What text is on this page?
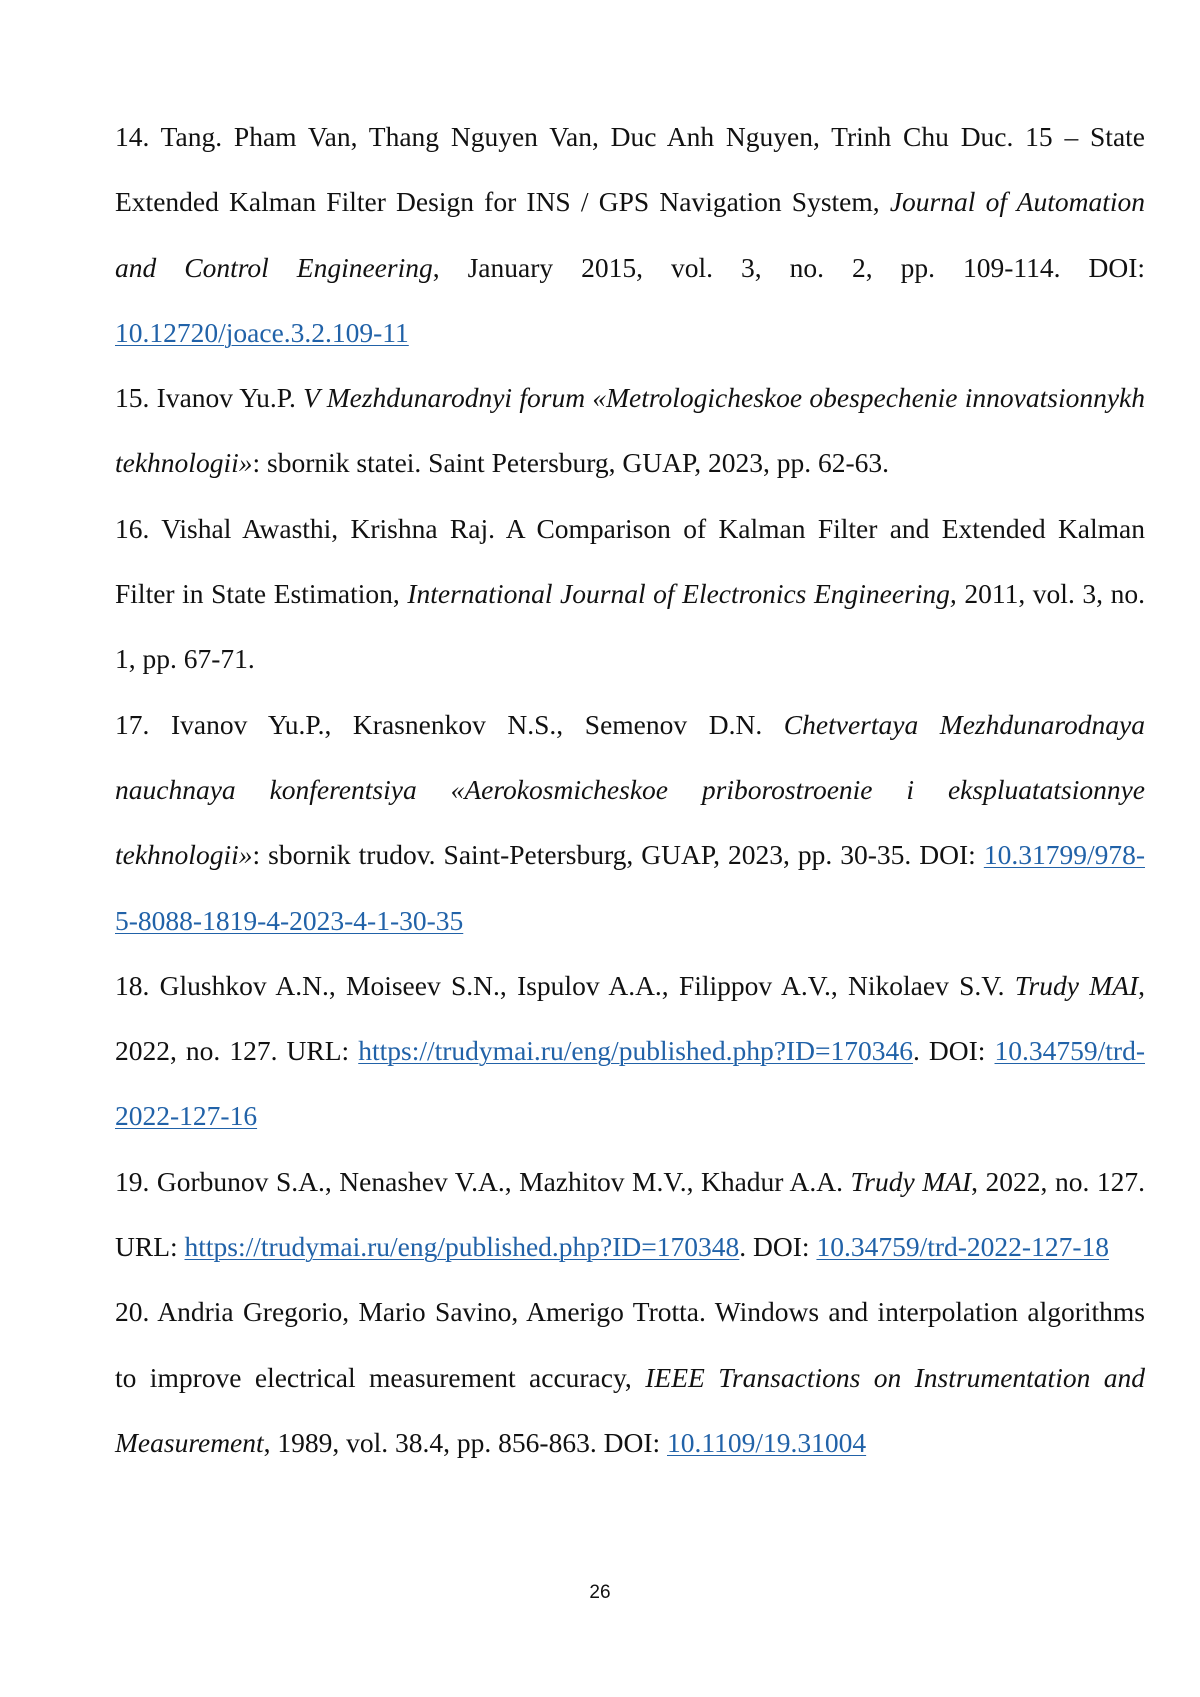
14. Tang. Pham Van, Thang Nguyen Van, Duc Anh Nguyen, Trinh Chu Duc. 15 – State Extended Kalman Filter Design for INS / GPS Navigation System, Journal of Automation and Control Engineering, January 2015, vol. 3, no. 2, pp. 109-114. DOI: 10.12720/joace.3.2.109-11

15. Ivanov Yu.P. V Mezhdunarodnyi forum «Metrologicheskoe obespechenie innovatsionnykh tekhnologii»: sbornik statei. Saint Petersburg, GUAP, 2023, pp. 62-63.

16. Vishal Awasthi, Krishna Raj. A Comparison of Kalman Filter and Extended Kalman Filter in State Estimation, International Journal of Electronics Engineering, 2011, vol. 3, no. 1, pp. 67-71.

17. Ivanov Yu.P., Krasnenkov N.S., Semenov D.N. Chetvertaya Mezhdunarodnaya nauchnaya konferentsiya «Aerokosmicheskoe priborostroenie i ekspluatatsionnye tekhnologii»: sbornik trudov. Saint-Petersburg, GUAP, 2023, pp. 30-35. DOI: 10.31799/978-5-8088-1819-4-2023-4-1-30-35

18. Glushkov A.N., Moiseev S.N., Ispulov A.A., Filippov A.V., Nikolaev S.V. Trudy MAI, 2022, no. 127. URL: https://trudymai.ru/eng/published.php?ID=170346. DOI: 10.34759/trd-2022-127-16

19. Gorbunov S.A., Nenashev V.A., Mazhitov M.V., Khadur A.A. Trudy MAI, 2022, no. 127. URL: https://trudymai.ru/eng/published.php?ID=170348. DOI: 10.34759/trd-2022-127-18

20. Andria Gregorio, Mario Savino, Amerigo Trotta. Windows and interpolation algorithms to improve electrical measurement accuracy, IEEE Transactions on Instrumentation and Measurement, 1989, vol. 38.4, pp. 856-863. DOI: 10.1109/19.31004

26
